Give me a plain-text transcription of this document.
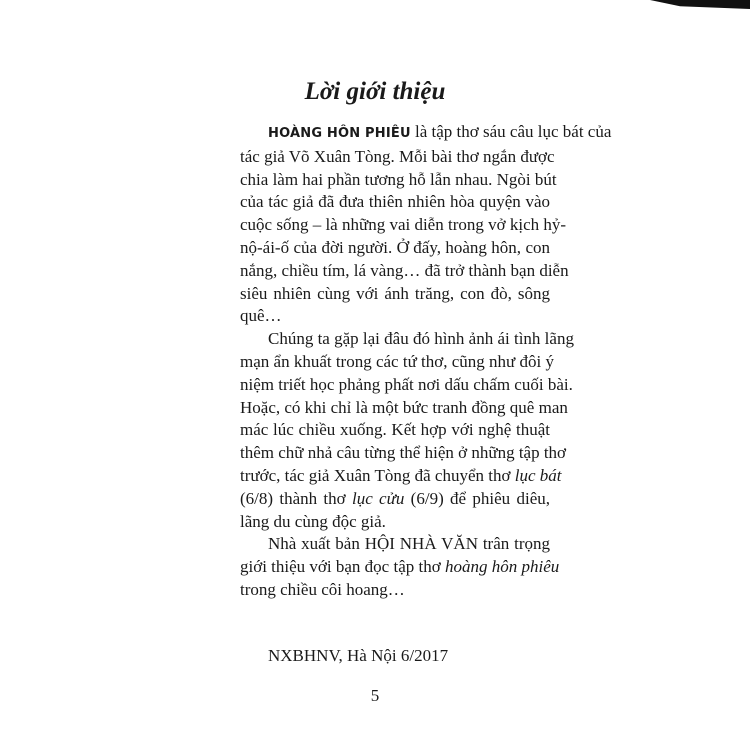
Lời giới thiệu
HOÀNG HÔN PHIÊU là tập thơ sáu câu lục bát của
tác giả Võ Xuân Tòng. Mỗi bài thơ ngắn được
chia làm hai phần tương hỗ lẫn nhau. Ngòi bút
của tác giả đã đưa thiên nhiên hòa quyện vào
cuộc sống – là những vai diễn trong vở kịch hỷ-
nộ-ái-ố của đời người. Ở đấy, hoàng hôn, con
nắng, chiều tím, lá vàng… đã trở thành bạn diễn
siêu nhiên cùng với ánh trăng, con đò, sông
quê…
Chúng ta gặp lại đâu đó hình ảnh ái tình lãng
mạn ẩn khuất trong các tứ thơ, cũng như đôi ý
niệm triết học phảng phất nơi dấu chấm cuối bài.
Hoặc, có khi chỉ là một bức tranh đồng quê man
mác lúc chiều xuống. Kết hợp với nghệ thuật
thêm chữ nhả câu từng thể hiện ở những tập thơ
trước, tác giả Xuân Tòng đã chuyển thơ lục bát
(6/8) thành thơ lục cửu (6/9) để phiêu diêu,
lãng du cùng độc giả.
Nhà xuất bản HỘI NHÀ VĂN trân trọng
giới thiệu với bạn đọc tập thơ hoàng hôn phiêu
trong chiều côi hoang…
NXBHNV, Hà Nội 6/2017
5
